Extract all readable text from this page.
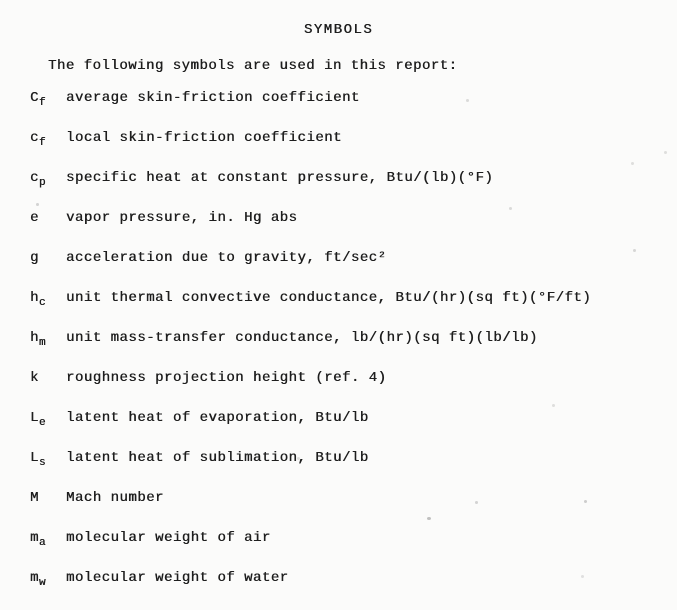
SYMBOLS
The following symbols are used in this report:
Cf	average skin-friction coefficient
cf	local skin-friction coefficient
cp	specific heat at constant pressure, Btu/(lb)(°F)
e	vapor pressure, in. Hg abs
g	acceleration due to gravity, ft/sec²
hc	unit thermal convective conductance, Btu/(hr)(sq ft)(°F/ft)
hm	unit mass-transfer conductance, lb/(hr)(sq ft)(lb/lb)
k	roughness projection height (ref. 4)
Le	latent heat of evaporation, Btu/lb
Ls	latent heat of sublimation, Btu/lb
M	Mach number
ma	molecular weight of air
mw	molecular weight of water
